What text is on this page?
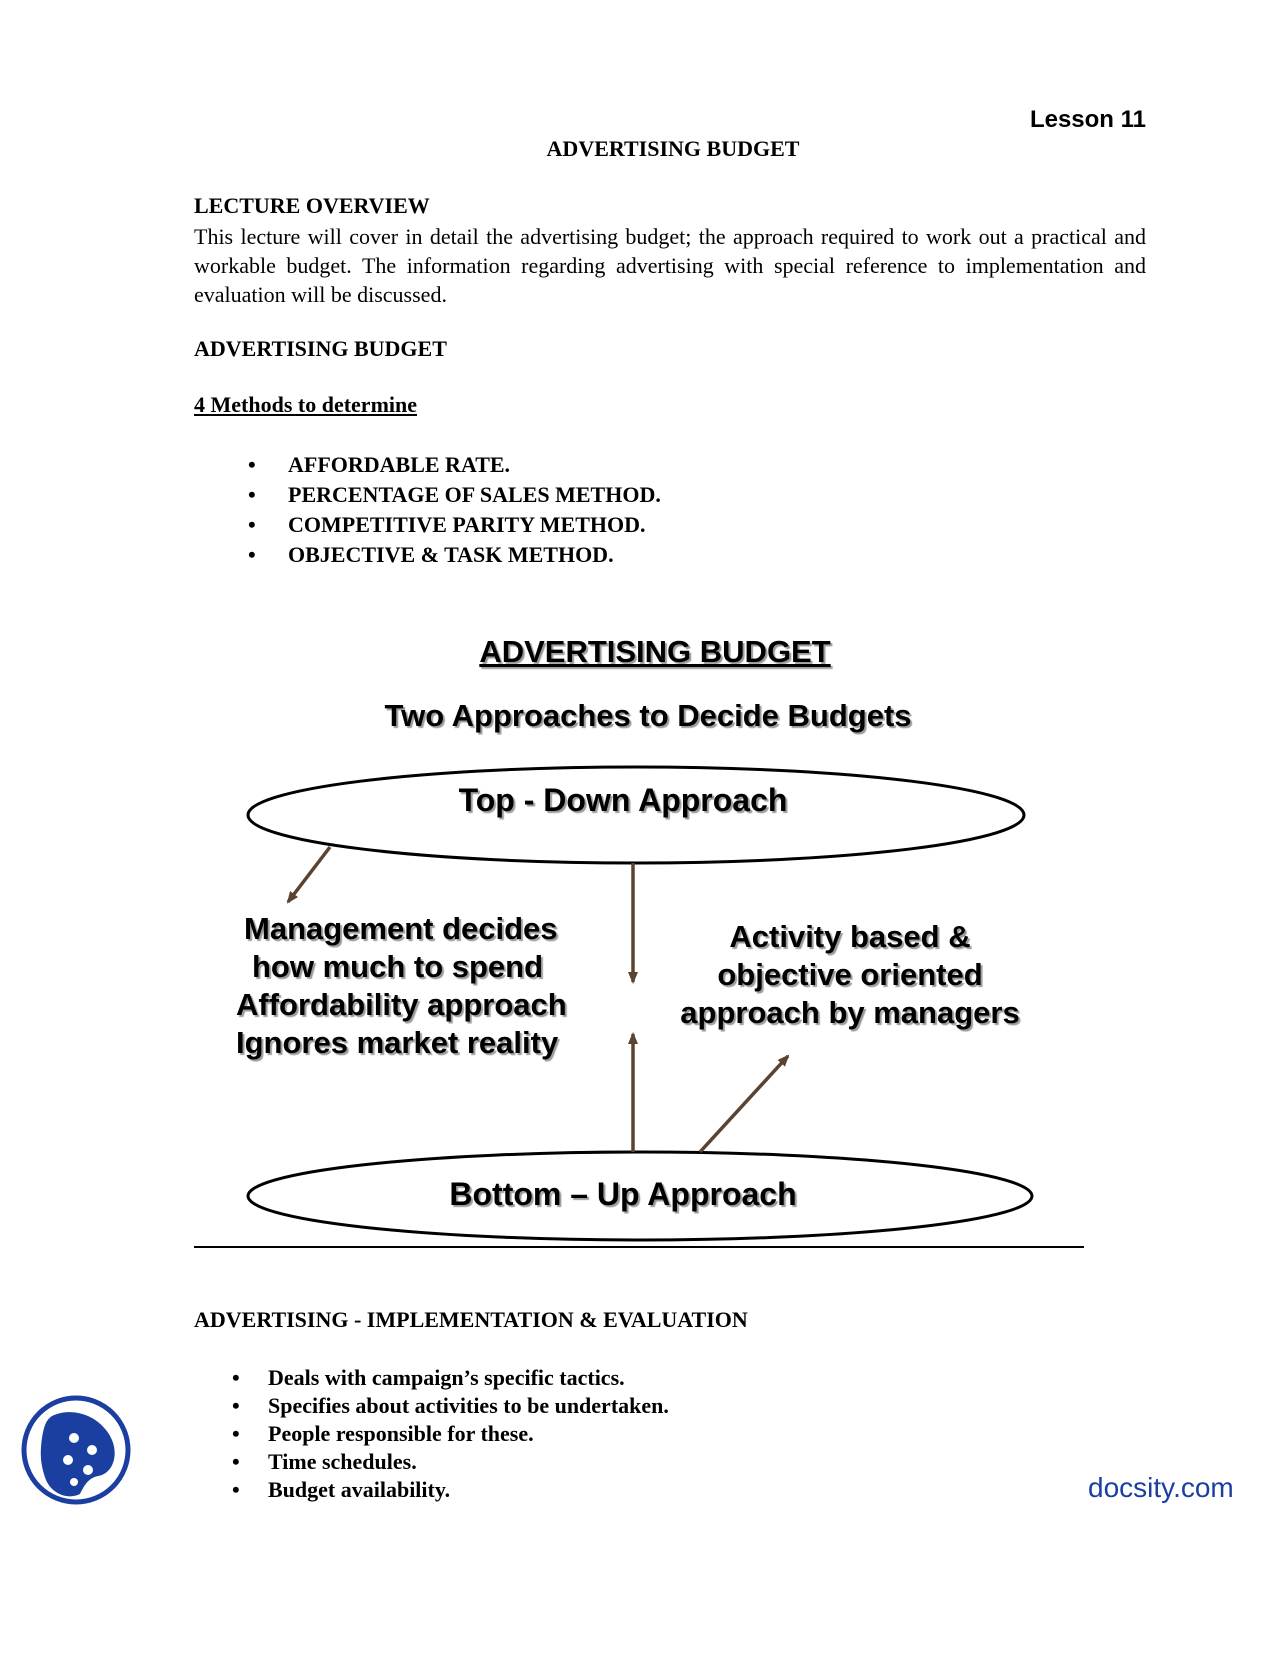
Lesson 11
ADVERTISING BUDGET
LECTURE OVERVIEW
This lecture will cover in detail the advertising budget; the approach required to work out a practical and workable budget. The information regarding advertising with special reference to implementation and evaluation will be discussed.
ADVERTISING BUDGET
4 Methods to determine
• AFFORDABLE RATE.
• PERCENTAGE OF SALES METHOD.
• COMPETITIVE PARITY METHOD.
• OBJECTIVE & TASK METHOD.
ADVERTISING BUDGET
Two Approaches to Decide Budgets
Top - Down Approach
Bottom – Up Approach
Management decides
how much to spend
Affordability approach
Ignores market reality
Activity based &
objective oriented
approach by managers
ADVERTISING - IMPLEMENTATION & EVALUATION
• Deals with campaign’s specific tactics.
• Specifies about activities to be undertaken.
• People responsible for these.
• Time schedules.
• Budget availability.	docsity.com
